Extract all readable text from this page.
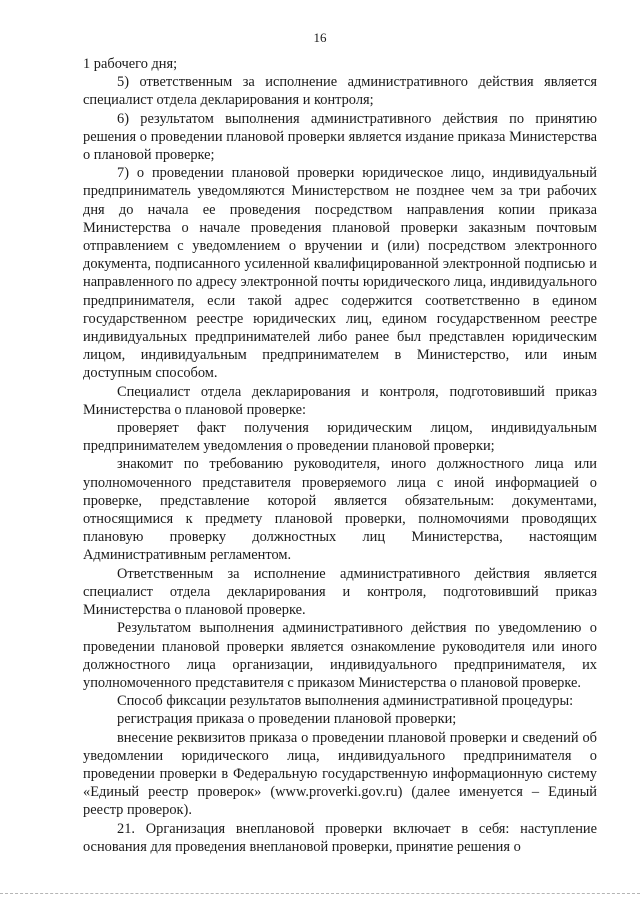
16

1 рабочего дня;

5) ответственным за исполнение административного действия является специалист отдела декларирования и контроля;

6) результатом выполнения административного действия по принятию решения о проведении плановой проверки является издание приказа Министерства о плановой проверке;

7) о проведении плановой проверки юридическое лицо, индивидуальный предприниматель уведомляются Министерством не позднее чем за три рабочих дня до начала ее проведения посредством направления копии приказа Министерства о начале проведения плановой проверки заказным почтовым отправлением с уведомлением о вручении и (или) посредством электронного документа, подписанного усиленной квалифицированной электронной подписью и направленного по адресу электронной почты юридического лица, индивидуального предпринимателя, если такой адрес содержится соответственно в едином государственном реестре юридических лиц, едином государственном реестре индивидуальных предпринимателей либо ранее был представлен юридическим лицом, индивидуальным предпринимателем в Министерство, или иным доступным способом.

Специалист отдела декларирования и контроля, подготовивший приказ Министерства о плановой проверке:

проверяет факт получения юридическим лицом, индивидуальным предпринимателем уведомления о проведении плановой проверки;

знакомит по требованию руководителя, иного должностного лица или уполномоченного представителя проверяемого лица с иной информацией о проверке, представление которой является обязательным: документами, относящимися к предмету плановой проверки, полномочиями проводящих плановую проверку должностных лиц Министерства, настоящим Административным регламентом.

Ответственным за исполнение административного действия является специалист отдела декларирования и контроля, подготовивший приказ Министерства о плановой проверке.

Результатом выполнения административного действия по уведомлению о проведении плановой проверки является ознакомление руководителя или иного должностного лица организации, индивидуального предпринимателя, их уполномоченного представителя с приказом Министерства о плановой проверке.

Способ фиксации результатов выполнения административной процедуры:

регистрация приказа о проведении плановой проверки;

внесение реквизитов приказа о проведении плановой проверки и сведений об уведомлении юридического лица, индивидуального предпринимателя о проведении проверки в Федеральную государственную информационную систему «Единый реестр проверок» (www.proverki.gov.ru) (далее именуется – Единый реестр проверок).

21. Организация внеплановой проверки включает в себя: наступление основания для проведения внеплановой проверки, принятие решения о
